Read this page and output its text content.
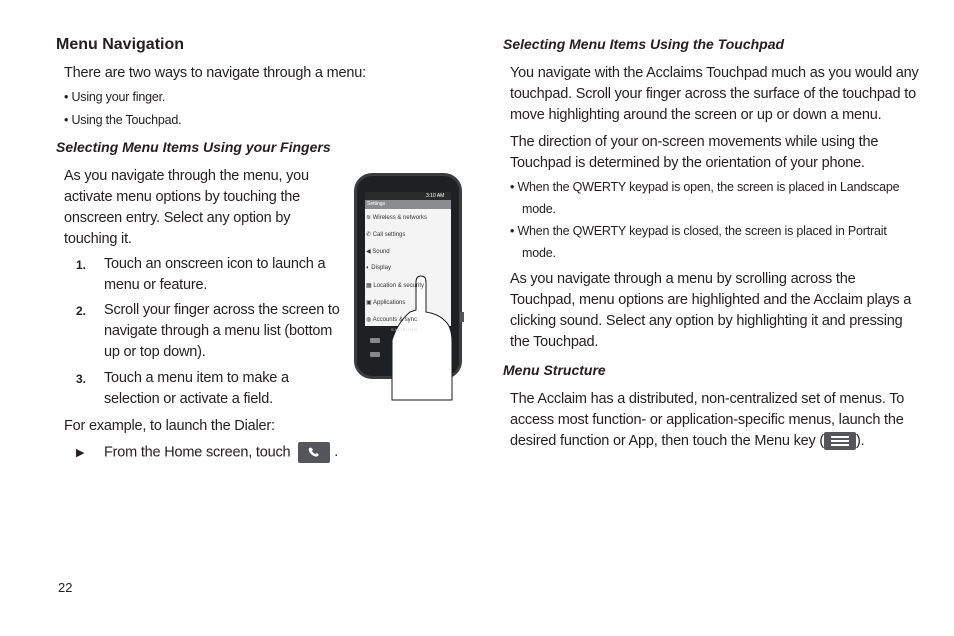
Menu Navigation
There are two ways to navigate through a menu:
• Using your finger.
• Using the Touchpad.
Selecting Menu Items Using your Fingers
As you navigate through the menu, you
activate menu options by touching the
onscreen entry. Select any option by
touching it.
1. Touch an onscreen icon to launch a
menu or feature.
2. Scroll your finger across the screen to
navigate through a menu list (bottom
up or top down).
3. Touch a menu item to make a
selection or activate a field.
For example, to launch the Dialer:
▶ From the Home screen, touch	.
U.S.Cellular
3:10 AM
Settings
≋ Wireless & networks
✆ Call settings
◀ Sound
◐ Display
▦ Location & security
▣ Applications
◍ Accounts & sync
SAMSUNG
Selecting Menu Items Using the Touchpad
You navigate with the Acclaims Touchpad much as you would any
touchpad. Scroll your finger across the surface of the touchpad to
move highlighting around the screen or up or down a menu.
The direction of your on-screen movements while using the
Touchpad is determined by the orientation of your phone.
• When the QWERTY keypad is open, the screen is placed in Landscape
mode.
• When the QWERTY keypad is closed, the screen is placed in Portrait
mode.
As you navigate through a menu by scrolling across the
Touchpad, menu options are highlighted and the Acclaim plays a
clicking sound. Select any option by highlighting it and pressing
the Touchpad.
Menu Structure
The Acclaim has a distributed, non-centralized set of menus. To
access most function- or application-specific menus, launch the
desired function or App, then touch the Menu key ( ).
22
